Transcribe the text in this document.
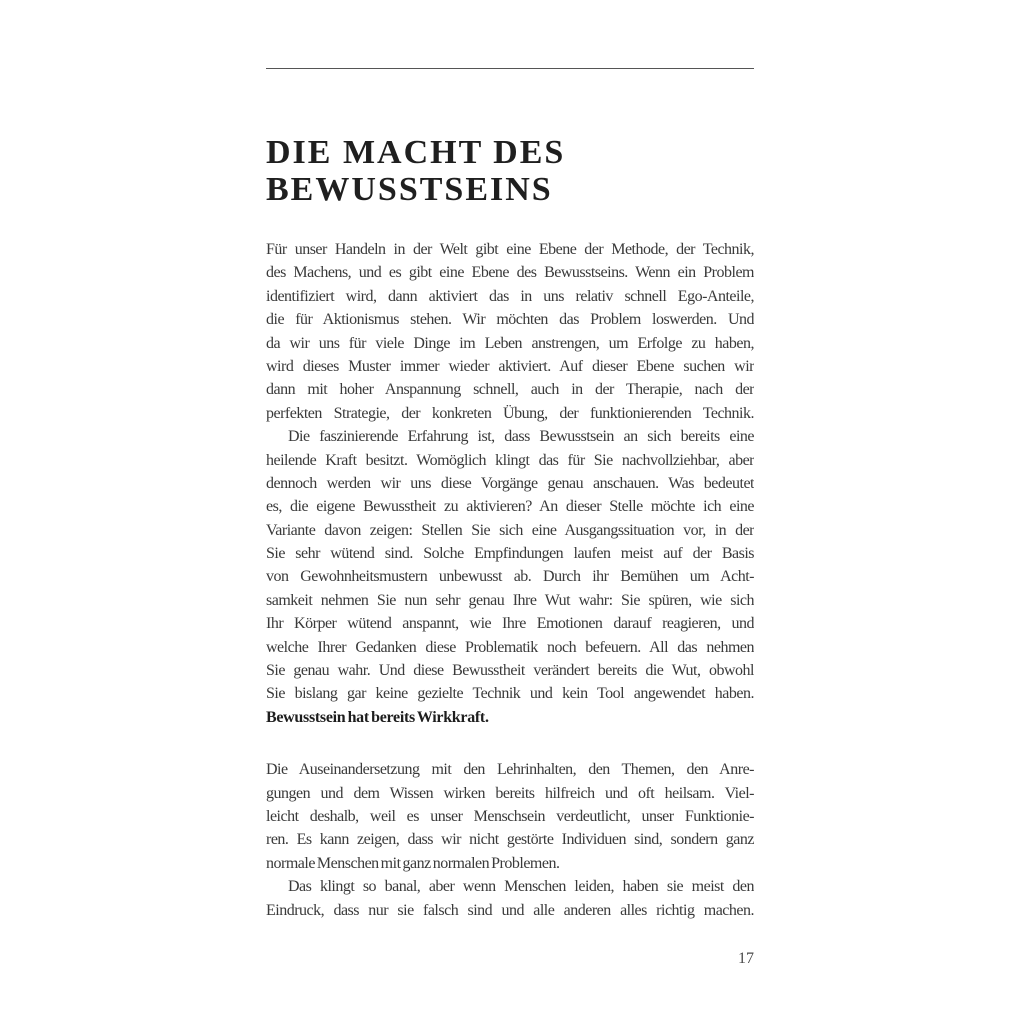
DIE MACHT DES
BEWUSSTSEINS
Für unser Handeln in der Welt gibt eine Ebene der Methode, der Technik,
des Machens, und es gibt eine Ebene des Bewusstseins. Wenn ein Problem
identifiziert wird, dann aktiviert das in uns relativ schnell Ego-Anteile,
die für Aktionismus stehen. Wir möchten das Problem loswerden. Und
da wir uns für viele Dinge im Leben anstrengen, um Erfolge zu haben,
wird dieses Muster immer wieder aktiviert. Auf dieser Ebene suchen wir
dann mit hoher Anspannung schnell, auch in der Therapie, nach der
perfekten Strategie, der konkreten Übung, der funktionierenden Technik.
Die faszinierende Erfahrung ist, dass Bewusstsein an sich bereits eine
heilende Kraft besitzt. Womöglich klingt das für Sie nachvollziehbar, aber
dennoch werden wir uns diese Vorgänge genau anschauen. Was bedeutet
es, die eigene Bewusstheit zu aktivieren? An dieser Stelle möchte ich eine
Variante davon zeigen: Stellen Sie sich eine Ausgangssituation vor, in der
Sie sehr wütend sind. Solche Empfindungen laufen meist auf der Basis
von Gewohnheitsmustern unbewusst ab. Durch ihr Bemühen um Acht-
samkeit nehmen Sie nun sehr genau Ihre Wut wahr: Sie spüren, wie sich
Ihr Körper wütend anspannt, wie Ihre Emotionen darauf reagieren, und
welche Ihrer Gedanken diese Problematik noch befeuern. All das nehmen
Sie genau wahr. Und diese Bewusstheit verändert bereits die Wut, obwohl
Sie bislang gar keine gezielte Technik und kein Tool angewendet haben.
Bewusstsein hat bereits Wirkkraft.
Die Auseinandersetzung mit den Lehrinhalten, den Themen, den Anre-
gungen und dem Wissen wirken bereits hilfreich und oft heilsam. Viel-
leicht deshalb, weil es unser Menschsein verdeutlicht, unser Funktionie-
ren. Es kann zeigen, dass wir nicht gestörte Individuen sind, sondern ganz
normale Menschen mit ganz normalen Problemen.
Das klingt so banal, aber wenn Menschen leiden, haben sie meist den
Eindruck, dass nur sie falsch sind und alle anderen alles richtig machen.
17
